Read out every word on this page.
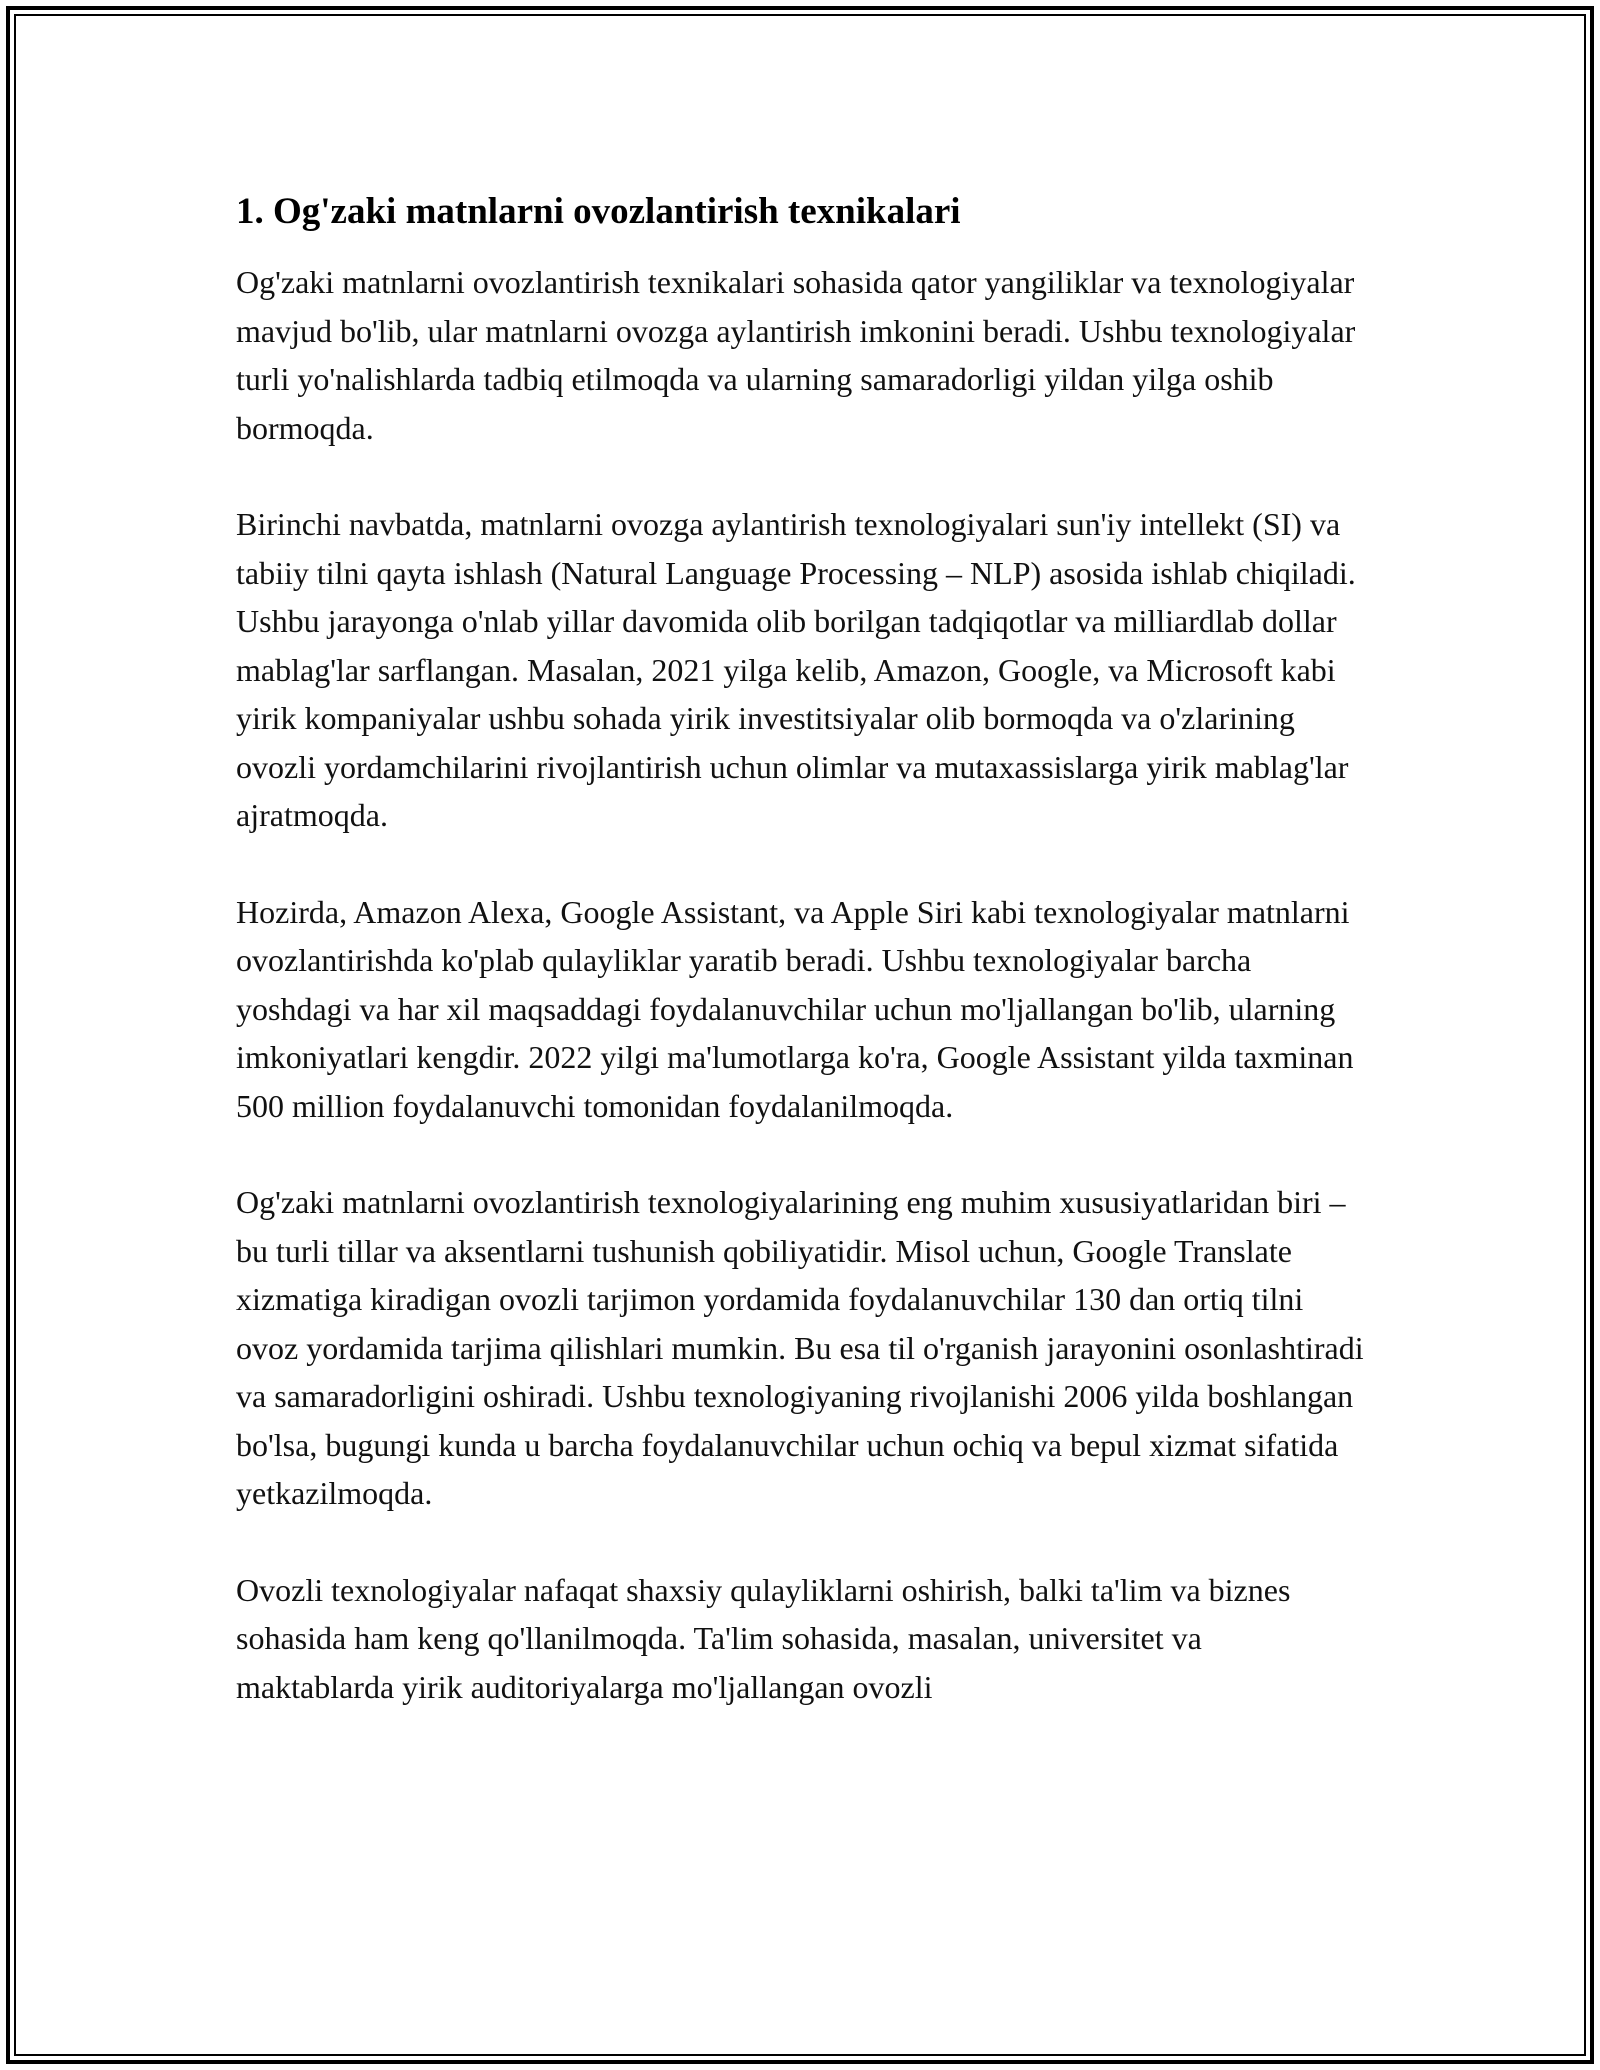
1. Og'zaki matnlarni ovozlantirish texnikalari

Og'zaki matnlarni ovozlantirish texnikalari sohasida qator yangiliklar va texnologiyalar mavjud bo'lib, ular matnlarni ovozga aylantirish imkonini beradi. Ushbu texnologiyalar turli yo'nalishlarda tadbiq etilmoqda va ularning samaradorligi yildan yilga oshib bormoqda.

Birinchi navbatda, matnlarni ovozga aylantirish texnologiyalari sun'iy intellekt (SI) va tabiiy tilni qayta ishlash (Natural Language Processing – NLP) asosida ishlab chiqiladi. Ushbu jarayonga o'nlab yillar davomida olib borilgan tadqiqotlar va milliardlab dollar mablag'lar sarflangan. Masalan, 2021 yilga kelib, Amazon, Google, va Microsoft kabi yirik kompaniyalar ushbu sohada yirik investitsiyalar olib bormoqda va o'zlarining ovozli yordamchilarini rivojlantirish uchun olimlar va mutaxassislarga yirik mablag'lar ajratmoqda.

Hozirda, Amazon Alexa, Google Assistant, va Apple Siri kabi texnologiyalar matnlarni ovozlantirishda ko'plab qulayliklar yaratib beradi. Ushbu texnologiyalar barcha yoshdagi va har xil maqsaddagi foydalanuvchilar uchun mo'ljallangan bo'lib, ularning imkoniyatlari kengdir. 2022 yilgi ma'lumotlarga ko'ra, Google Assistant yilda taxminan 500 million foydalanuvchi tomonidan foydalanilmoqda.

Og'zaki matnlarni ovozlantirish texnologiyalarining eng muhim xususiyatlaridan biri – bu turli tillar va aksentlarni tushunish qobiliyatidir. Misol uchun, Google Translate xizmatiga kiradigan ovozli tarjimon yordamida foydalanuvchilar 130 dan ortiq tilni ovoz yordamida tarjima qilishlari mumkin. Bu esa til o'rganish jarayonini osonlashtiradi va samaradorligini oshiradi. Ushbu texnologiyaning rivojlanishi 2006 yilda boshlangan bo'lsa, bugungi kunda u barcha foydalanuvchilar uchun ochiq va bepul xizmat sifatida yetkazilmoqda.

Ovozli texnologiyalar nafaqat shaxsiy qulayliklarni oshirish, balki ta'lim va biznes sohasida ham keng qo'llanilmoqda. Ta'lim sohasida, masalan, universitet va maktablarda yirik auditoriyalarga mo'ljallangan ovozli
